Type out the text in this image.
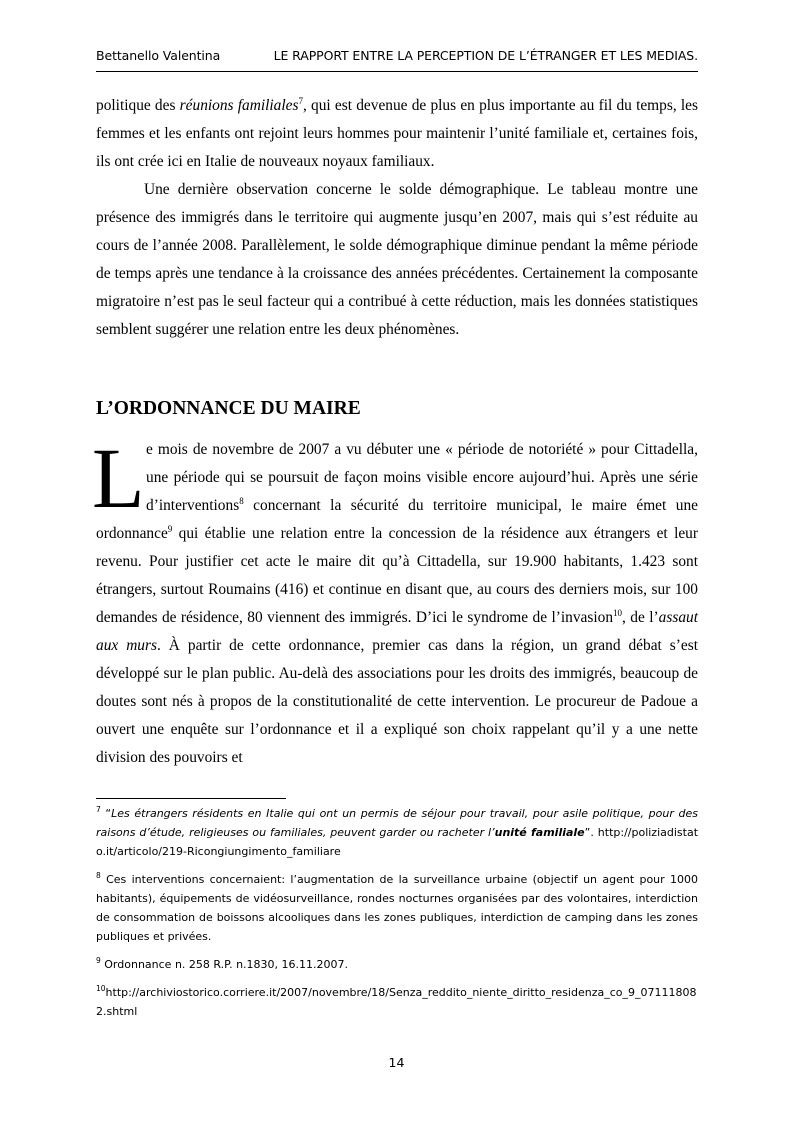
Bettanello Valentina	LE RAPPORT ENTRE LA PERCEPTION DE L’ÉTRANGER ET LES MEDIAS.

politique des réunions familiales$^7$, qui est devenue de plus en plus importante au fil du temps, les femmes et les enfants ont rejoint leurs hommes pour maintenir l’unité familiale et, certaines fois, ils ont crée ici en Italie de nouveaux noyaux familiaux.

Une dernière observation concerne le solde démographique. Le tableau montre une présence des immigrés dans le territoire qui augmente jusqu’en 2007, mais qui s’est réduite au cours de l’année 2008. Parallèlement, le solde démographique diminue pendant la même période de temps après une tendance à la croissance des années précédentes. Certainement la composante migratoire n’est pas le seul facteur qui a contribué à cette réduction, mais les données statistiques semblent suggérer une relation entre les deux phénomènes.

L’ORDONNANCE DU MAIRE

Le mois de novembre de 2007 a vu débuter une « période de notoriété » pour Cittadella, une période qui se poursuit de façon moins visible encore aujourd’hui. Après une série d’interventions$^8$ concernant la sécurité du territoire municipal, le maire émet une ordonnance$^9$ qui établie une relation entre la concession de la résidence aux étrangers et leur revenu. Pour justifier cet acte le maire dit qu’à Cittadella, sur 19.900 habitants, 1.423 sont étrangers, surtout Roumains (416) et continue en disant que, au cours des derniers mois, sur 100 demandes de résidence, 80 viennent des immigrés. D’ici le syndrome de l’invasion$^{10}$, de l’assaut aux murs. À partir de cette ordonnance, premier cas dans la région, un grand débat s’est développé sur le plan public. Au-delà des associations pour les droits des immigrés, beaucoup de doutes sont nés à propos de la constitutionalité de cette intervention. Le procureur de Padoue a ouvert une enquête sur l’ordonnance et il a expliqué son choix rappelant qu’il y a une nette division des pouvoirs et

$^7$ “Les étrangers résidents en Italie qui ont un permis de séjour pour travail, pour asile politique, pour des raisons d’étude, religieuses ou familiales, peuvent garder ou racheter l’unité familiale”. http://poliziadistato.it/articolo/219-Ricongiungimento_familiare

$^8$ Ces interventions concernaient: l’augmentation de la surveillance urbaine (objectif un agent pour 1000 habitants), équipements de vidéosurveillance, rondes nocturnes organisées par des volontaires, interdiction de consommation de boissons alcooliques dans les zones publiques, interdiction de camping dans les zones publiques et privées.

$^9$ Ordonnance n. 258 R.P. n.1830, 16.11.2007.

$^{10}$http://archiviostorico.corriere.it/2007/novembre/18/Senza_reddito_niente_diritto_residenza_co_9_071118082.shtml

14
